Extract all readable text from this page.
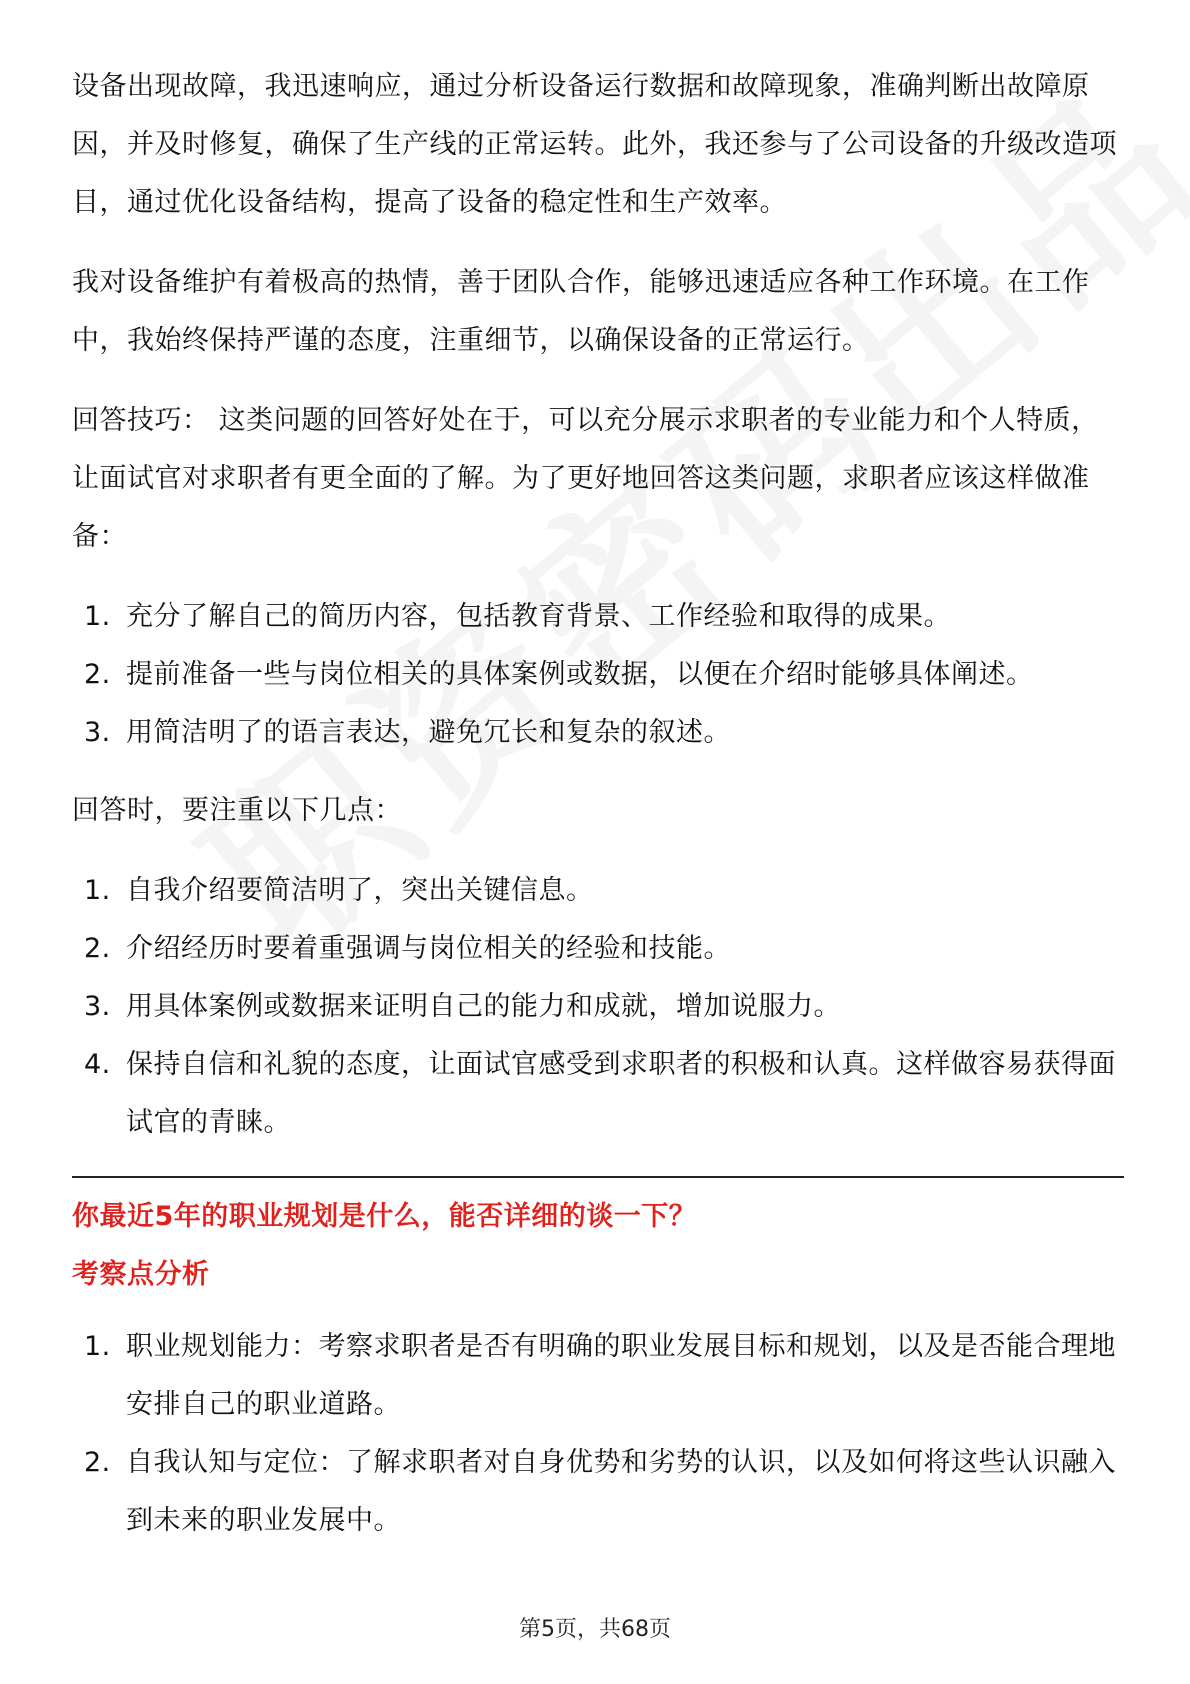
设备出现故障，我迅速响应，通过分析设备运行数据和故障现象，准确判断出故障原因，并及时修复，确保了生产线的正常运转。此外，我还参与了公司设备的升级改造项目，通过优化设备结构，提高了设备的稳定性和生产效率。

我对设备维护有着极高的热情，善于团队合作，能够迅速适应各种工作环境。在工作中，我始终保持严谨的态度，注重细节，以确保设备的正常运行。

回答技巧： 这类问题的回答好处在于，可以充分展示求职者的专业能力和个人特质，让面试官对求职者有更全面的了解。为了更好地回答这类问题，求职者应该这样做准备：

1. 充分了解自己的简历内容，包括教育背景、工作经验和取得的成果。
2. 提前准备一些与岗位相关的具体案例或数据，以便在介绍时能够具体阐述。
3. 用简洁明了的语言表达，避免冗长和复杂的叙述。

回答时，要注重以下几点：

1. 自我介绍要简洁明了，突出关键信息。
2. 介绍经历时要着重强调与岗位相关的经验和技能。
3. 用具体案例或数据来证明自己的能力和成就，增加说服力。
4. 保持自信和礼貌的态度，让面试官感受到求职者的积极和认真。这样做容易获得面试官的青睐。
你最近5年的职业规划是什么，能否详细的谈一下？
考察点分析
1. 职业规划能力：考察求职者是否有明确的职业发展目标和规划，以及是否能合理地安排自己的职业道路。
2. 自我认知与定位：了解求职者对自身优势和劣势的认识，以及如何将这些认识融入到未来的职业发展中。
第5页，共68页
